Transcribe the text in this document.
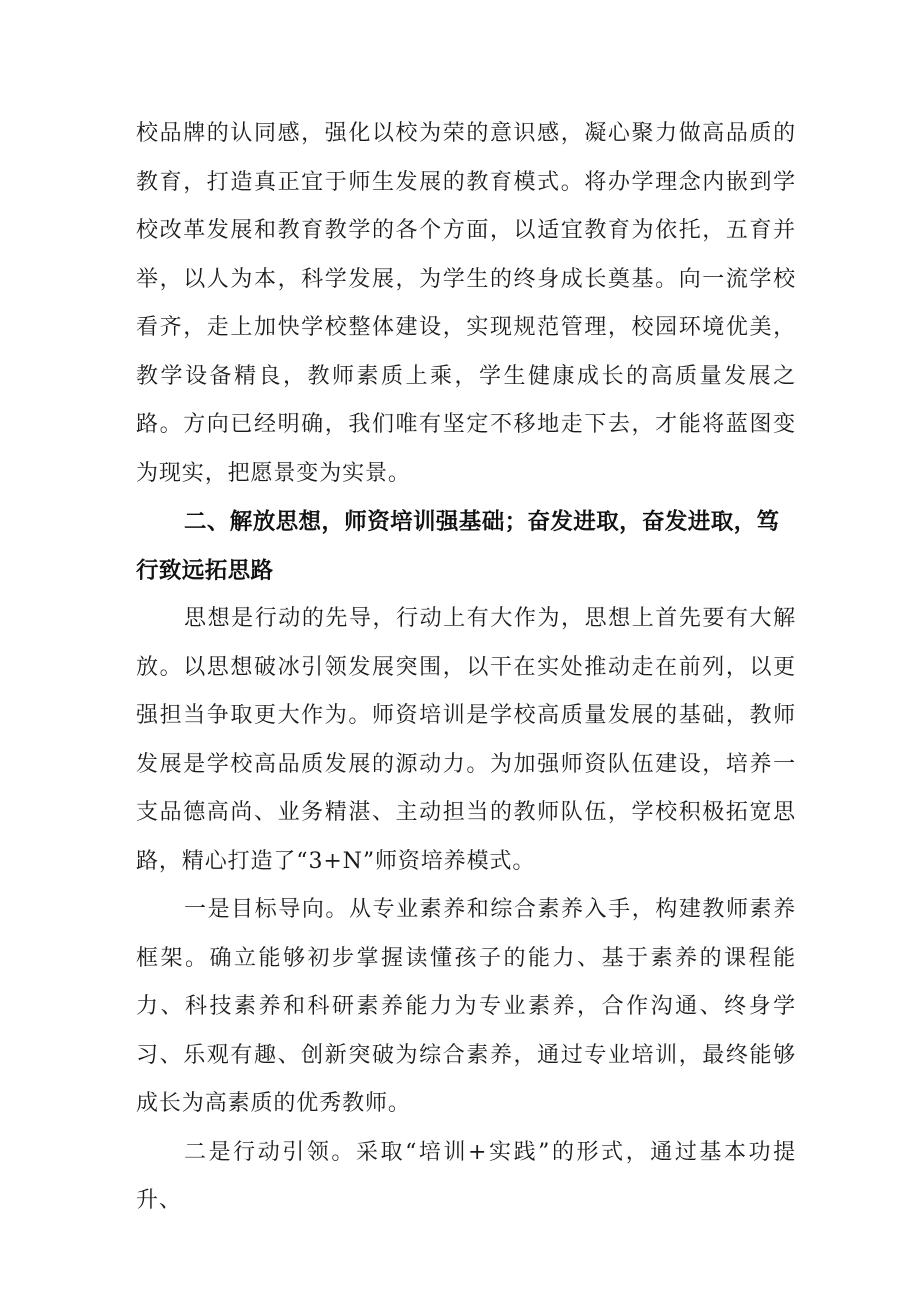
校品牌的认同感，强化以校为荣的意识感，凝心聚力做高品质的教育，打造真正宜于师生发展的教育模式。将办学理念内嵌到学校改革发展和教育教学的各个方面，以适宜教育为依托，五育并举，以人为本，科学发展，为学生的终身成长奠基。向一流学校看齐，走上加快学校整体建设，实现规范管理，校园环境优美，教学设备精良，教师素质上乘，学生健康成长的高质量发展之路。方向已经明确，我们唯有坚定不移地走下去，才能将蓝图变为现实，把愿景变为实景。

二、解放思想，师资培训强基础；奋发进取，奋发进取，笃行致远拓思路

思想是行动的先导，行动上有大作为，思想上首先要有大解放。以思想破冰引领发展突围，以干在实处推动走在前列，以更强担当争取更大作为。师资培训是学校高质量发展的基础，教师发展是学校高品质发展的源动力。为加强师资队伍建设，培养一支品德高尚、业务精湛、主动担当的教师队伍，学校积极拓宽思路，精心打造了“3+N”师资培养模式。

一是目标导向。从专业素养和综合素养入手，构建教师素养框架。确立能够初步掌握读懂孩子的能力、基于素养的课程能力、科技素养和科研素养能力为专业素养，合作沟通、终身学习、乐观有趣、创新突破为综合素养，通过专业培训，最终能够成长为高素质的优秀教师。

二是行动引领。采取“培训+实践”的形式，通过基本功提升、
